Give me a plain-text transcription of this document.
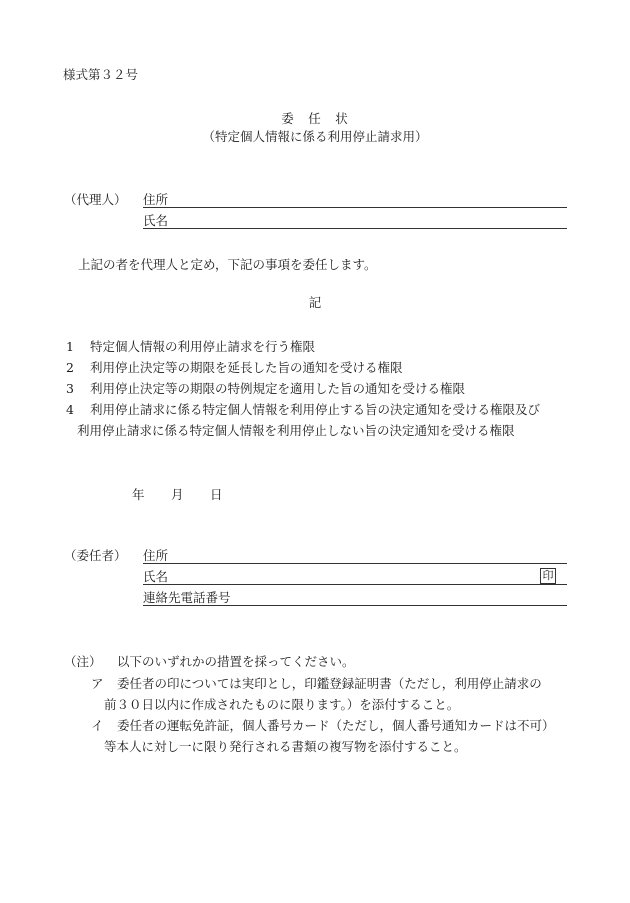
様式第３２号
委　任　状
（特定個人情報に係る利用停止請求用）
（代理人） 住所
氏名
上記の者を代理人と定め，下記の事項を委任します。
記
1 特定個人情報の利用停止請求を行う権限
2 利用停止決定等の期限を延長した旨の通知を受ける権限
3 利用停止決定等の期限の特例規定を適用した旨の通知を受ける権限
4 利用停止請求に係る特定個人情報を利用停止する旨の決定通知を受ける権限及び
利用停止請求に係る特定個人情報を利用停止しない旨の決定通知を受ける権限
年 月 日
（委任者） 住所
氏名	印
連絡先電話番号
（注） 以下のいずれかの措置を採ってください。
ア 委任者の印については実印とし，印鑑登録証明書（ただし，利用停止請求の
前３０日以内に作成されたものに限ります。）を添付すること。
イ 委任者の運転免許証，個人番号カード（ただし，個人番号通知カードは不可）
等本人に対し一に限り発行される書類の複写物を添付すること。
